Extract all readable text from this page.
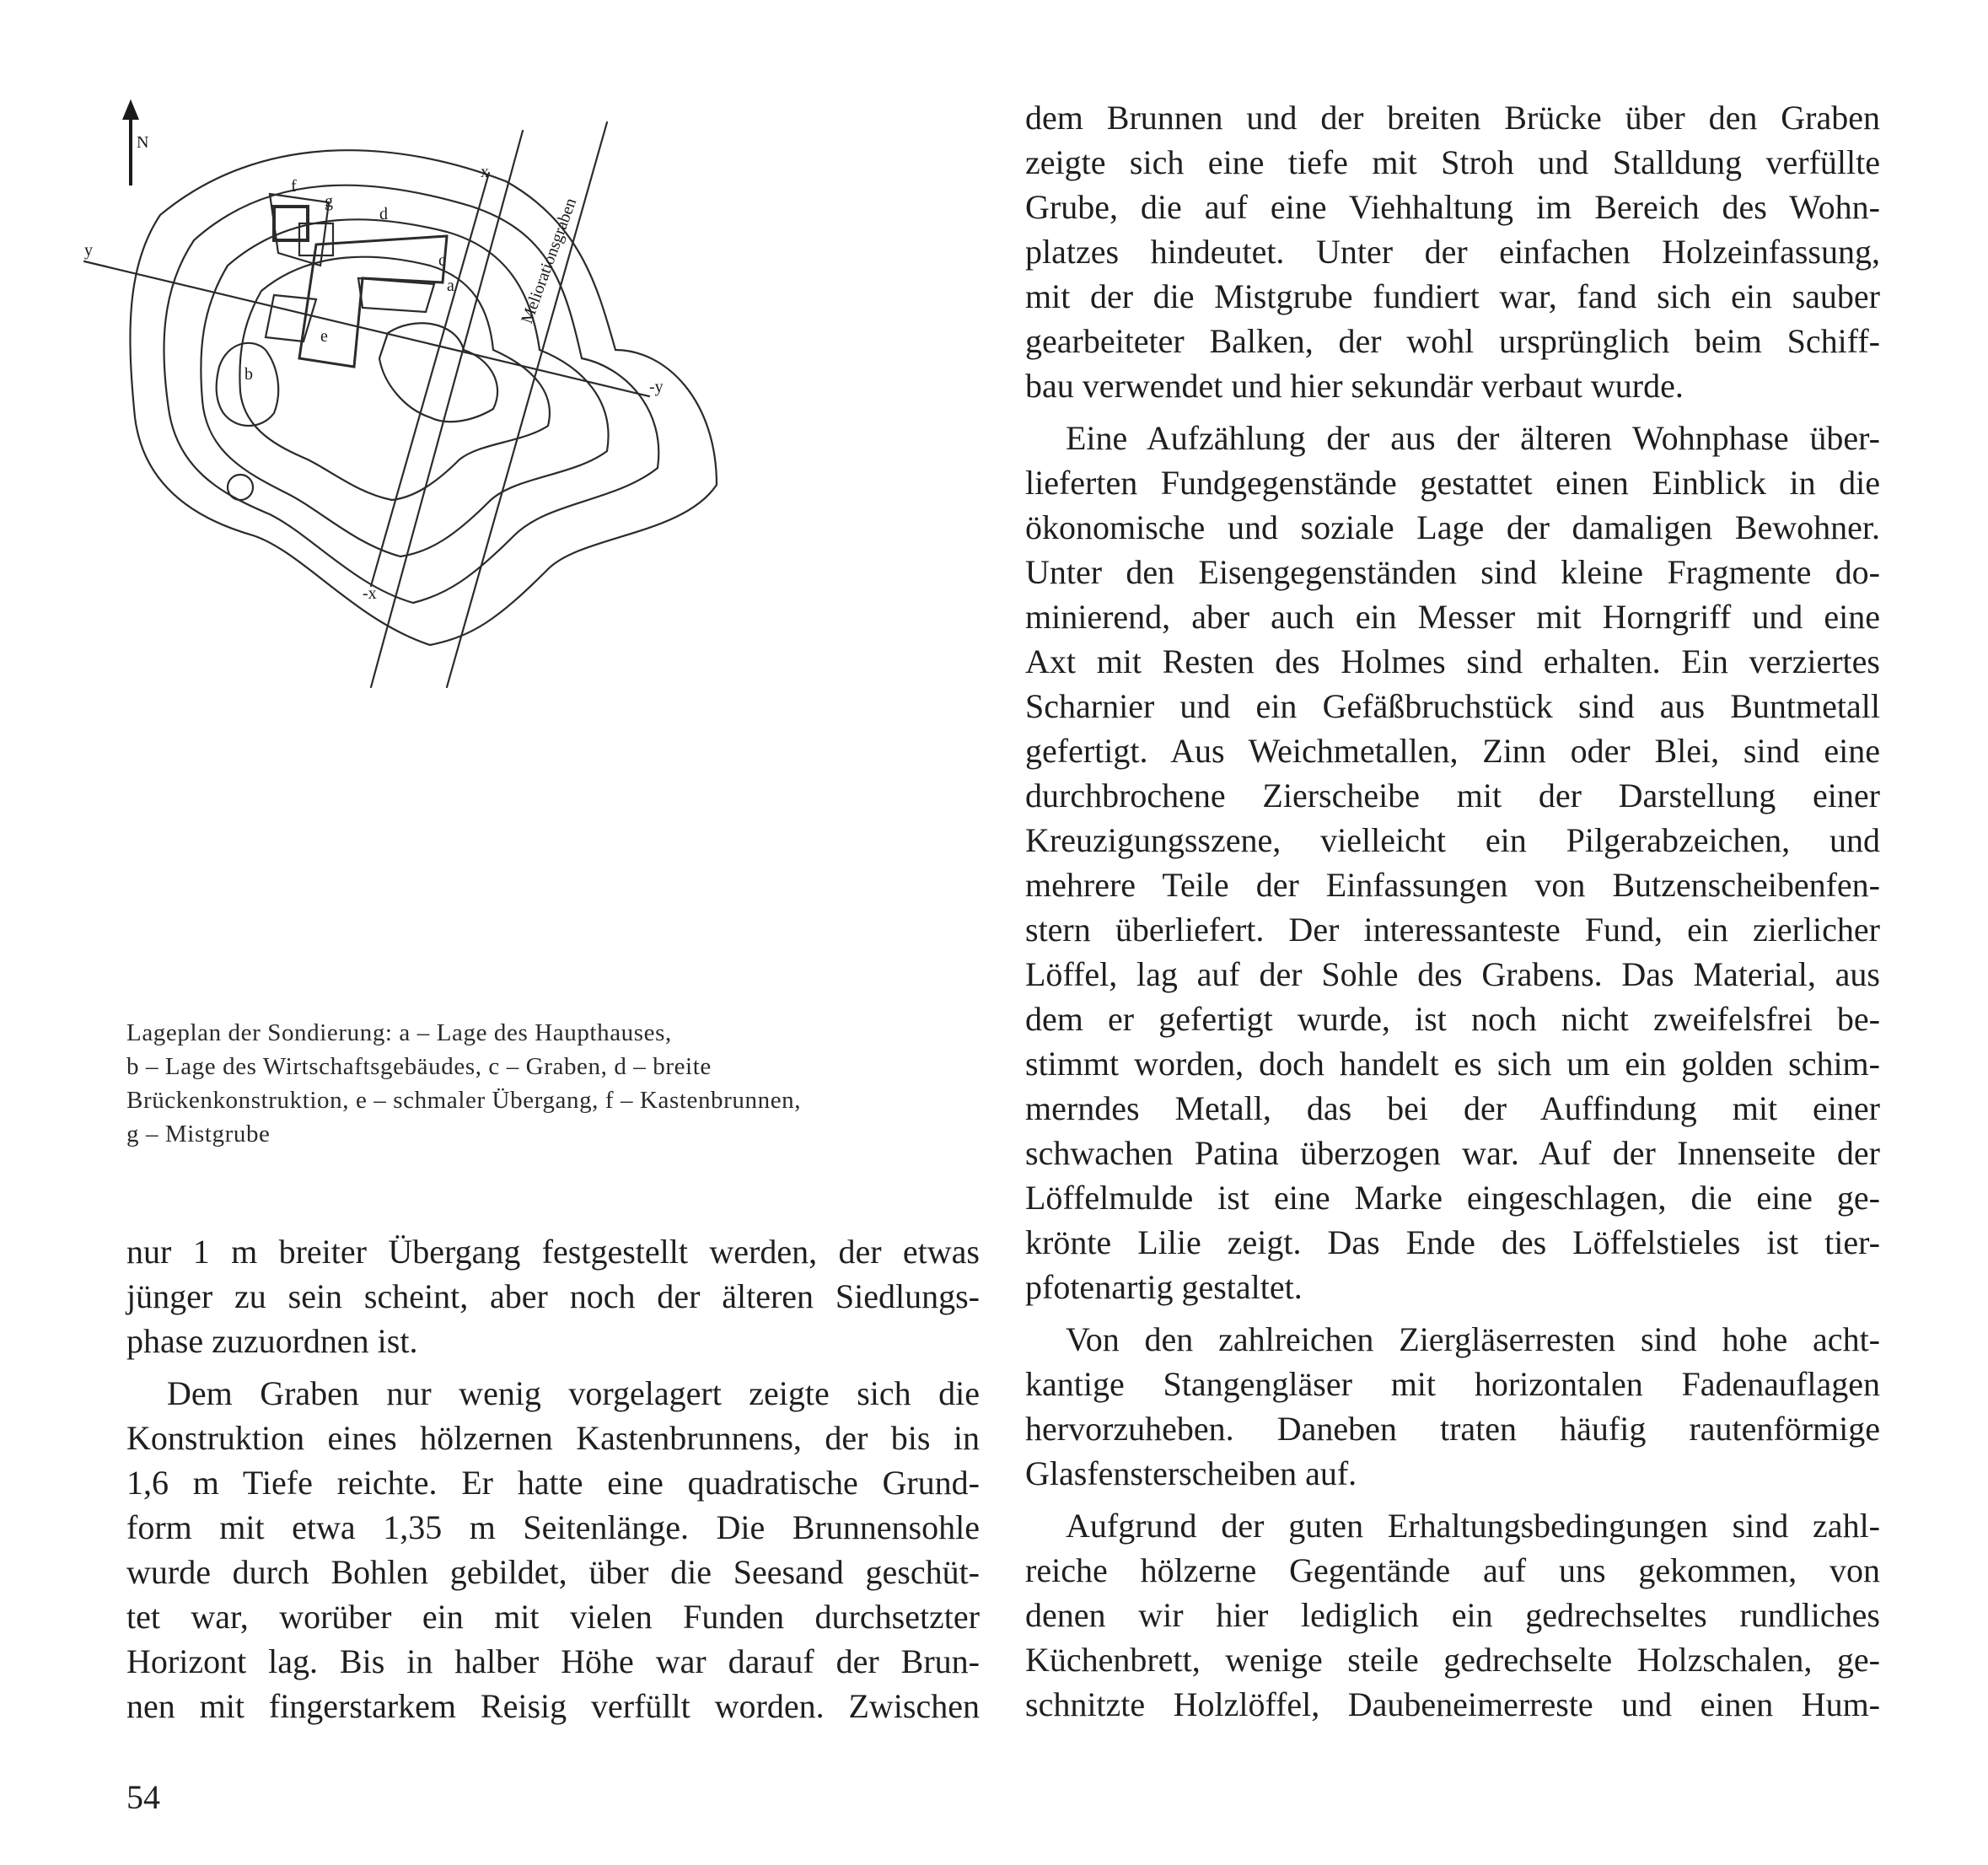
N
x
-x
y
-y
Meliorationsgraben
a
b
c
d
e
f
g
Lageplan der Sondierung: a – Lage des Haupthauses,
b – Lage des Wirtschaftsgebäudes, c – Graben, d – breite
Brückenkonstruktion, e – schmaler Übergang, f – Kastenbrunnen,
g – Mistgrube
nur 1 m breiter Übergang festgestellt werden, der etwas
jünger zu sein scheint, aber noch der älteren Siedlungs-
phase zuzuordnen ist.
Dem Graben nur wenig vorgelagert zeigte sich die
Konstruktion eines hölzernen Kastenbrunnens, der bis in
1,6 m Tiefe reichte. Er hatte eine quadratische Grund-
form mit etwa 1,35 m Seitenlänge. Die Brunnensohle
wurde durch Bohlen gebildet, über die Seesand geschüt-
tet war, worüber ein mit vielen Funden durchsetzter
Horizont lag. Bis in halber Höhe war darauf der Brun-
nen mit fingerstarkem Reisig verfüllt worden. Zwischen
dem Brunnen und der breiten Brücke über den Graben
zeigte sich eine tiefe mit Stroh und Stalldung verfüllte
Grube, die auf eine Viehhaltung im Bereich des Wohn-
platzes hindeutet. Unter der einfachen Holzeinfassung,
mit der die Mistgrube fundiert war, fand sich ein sauber
gearbeiteter Balken, der wohl ursprünglich beim Schiff-
bau verwendet und hier sekundär verbaut wurde.
Eine Aufzählung der aus der älteren Wohnphase über-
lieferten Fundgegenstände gestattet einen Einblick in die
ökonomische und soziale Lage der damaligen Bewohner.
Unter den Eisengegenständen sind kleine Fragmente do-
minierend, aber auch ein Messer mit Horngriff und eine
Axt mit Resten des Holmes sind erhalten. Ein verziertes
Scharnier und ein Gefäßbruchstück sind aus Buntmetall
gefertigt. Aus Weichmetallen, Zinn oder Blei, sind eine
durchbrochene Zierscheibe mit der Darstellung einer
Kreuzigungsszene, vielleicht ein Pilgerabzeichen, und
mehrere Teile der Einfassungen von Butzenscheibenfen-
stern überliefert. Der interessanteste Fund, ein zierlicher
Löffel, lag auf der Sohle des Grabens. Das Material, aus
dem er gefertigt wurde, ist noch nicht zweifelsfrei be-
stimmt worden, doch handelt es sich um ein golden schim-
merndes Metall, das bei der Auffindung mit einer
schwachen Patina überzogen war. Auf der Innenseite der
Löffelmulde ist eine Marke eingeschlagen, die eine ge-
krönte Lilie zeigt. Das Ende des Löffelstieles ist tier-
pfotenartig gestaltet.
Von den zahlreichen Ziergläserresten sind hohe acht-
kantige Stangengläser mit horizontalen Fadenauflagen
hervorzuheben. Daneben traten häufig rautenförmige
Glasfensterscheiben auf.
Aufgrund der guten Erhaltungsbedingungen sind zahl-
reiche hölzerne Gegentände auf uns gekommen, von
denen wir hier lediglich ein gedrechseltes rundliches
Küchenbrett, wenige steile gedrechselte Holzschalen, ge-
schnitzte Holzlöffel, Daubeneimerreste und einen Hum-
54
